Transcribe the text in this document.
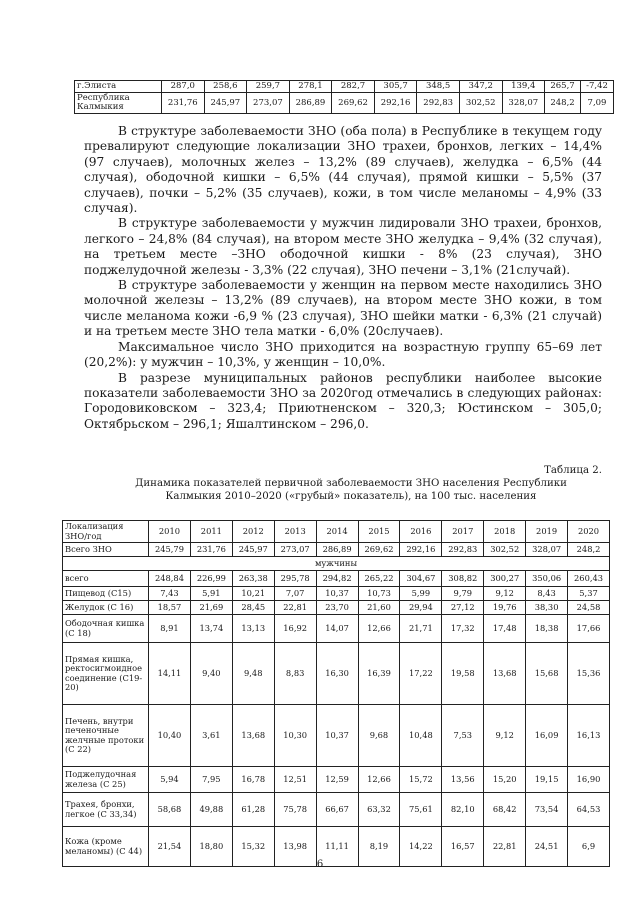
г.Элиста	287,0	258,6	259,7	278,1	282,7	305,7	348,5	347,2	139,4	265,7	-7,42
Республика Калмыкия	231,76	245,97	273,07	286,89	269,62	292,16	292,83	302,52	328,07	248,2	7,09

В структуре заболеваемости ЗНО (оба пола) в Республике в текущем году превалируют следующие локализации ЗНО трахеи, бронхов, легких – 14,4% (97 случаев), молочных желез – 13,2% (89 случаев), желудка – 6,5% (44 случая), ободочной кишки – 6,5% (44 случая), прямой кишки – 5,5% (37 случаев), почки – 5,2% (35 случаев), кожи, в том числе меланомы – 4,9% (33 случая).

В структуре заболеваемости у мужчин лидировали ЗНО трахеи, бронхов, легкого – 24,8% (84 случая), на втором месте ЗНО желудка – 9,4% (32 случая), на третьем месте –ЗНО ободочной кишки - 8% (23 случая), ЗНО поджелудочной железы - 3,3% (22 случая), ЗНО печени – 3,1% (21случай).

В структуре заболеваемости у женщин на первом месте находились ЗНО молочной железы – 13,2% (89 случаев), на втором месте ЗНО кожи, в том числе меланома кожи -6,9 % (23 случая), ЗНО шейки матки - 6,3% (21 случай) и на третьем месте ЗНО тела матки - 6,0% (20случаев).

Максимальное число ЗНО приходится на возрастную группу 65–69 лет (20,2%): у мужчин – 10,3%, у женщин – 10,0%.

В разрезе муниципальных районов республики наиболее высокие показатели заболеваемости ЗНО за 2020год отмечались в следующих районах: Городовиковском – 323,4; Приютненском – 320,3; Юстинском – 305,0; Октябрьском – 296,1; Яшалтинском – 296,0.

Таблица 2.
Динамика показателей первичной заболеваемости ЗНО населения Республики
Калмыкия 2010–2020 («грубый» показатель), на 100 тыс. населения
Локализация ЗНО/год	2010	2011	2012	2013	2014	2015	2016	2017	2018	2019	2020
Всего ЗНО	245,79	231,76	245,97	273,07	286,89	269,62	292,16	292,83	302,52	328,07	248,2
мужчины											
всего	248,84	226,99	263,38	295,78	294,82	265,22	304,67	308,82	300,27	350,06	260,43
Пищевод (С15)	7,43	5,91	10,21	7,07	10,37	10,73	5,99	9,79	9,12	8,43	5,37
Желудок (С 16)	18,57	21,69	28,45	22,81	23,70	21,60	29,94	27,12	19,76	38,30	24,58
Ободочная кишка (С 18)	8,91	13,74	13,13	16,92	14,07	12,66	21,71	17,32	17,48	18,38	17,66
Прямая кишка, ректосигмоидное соединение (С19-20)	14,11	9,40	9,48	8,83	16,30	16,39	17,22	19,58	13,68	15,68	15,36
Печень, внутри печеночные желчные протоки (С 22)	10,40	3,61	13,68	10,30	10,37	9,68	10,48	7,53	9,12	16,09	16,13
Поджелудочная железа (С 25)	5,94	7,95	16,78	12,51	12,59	12,66	15,72	13,56	15,20	19,15	16,90
Трахея, бронхи, легкое (С 33,34)	58,68	49,88	61,28	75,78	66,67	63,32	75,61	82,10	68,42	73,54	64,53
Кожа (кроме меланомы) (С 44)	21,54	18,80	15,32	13,98	11,11	8,19	14,22	16,57	22,81	24,51	6,9
6
